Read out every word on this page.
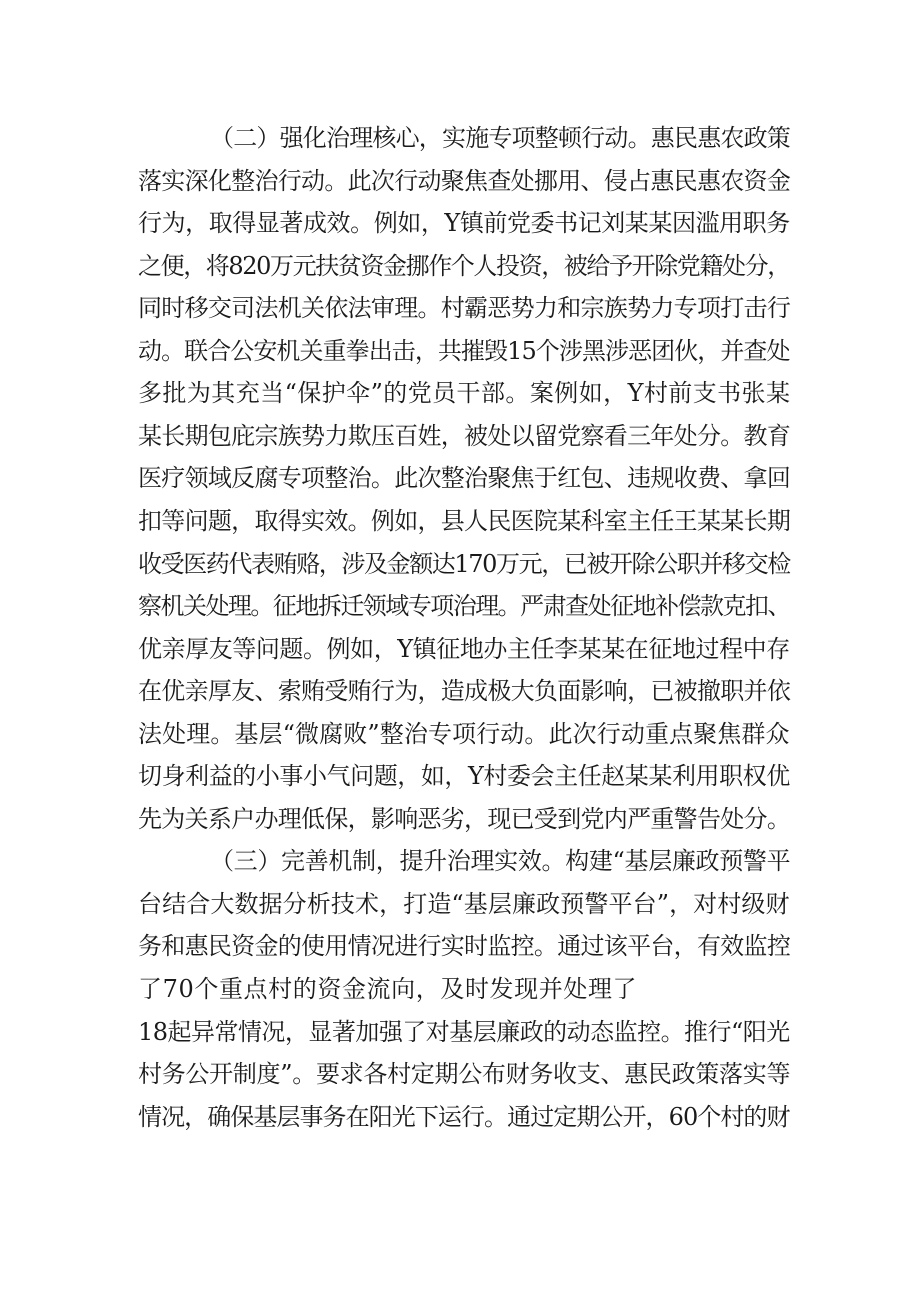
（二）强化治理核心，实施专项整顿行动。惠民惠农政策
落实深化整治行动。此次行动聚焦查处挪用、侵占惠民惠农资金
行为，取得显著成效。例如，Y镇前党委书记刘某某因滥用职务
之便，将820万元扶贫资金挪作个人投资，被给予开除党籍处分，
同时移交司法机关依法审理。村霸恶势力和宗族势力专项打击行
动。联合公安机关重拳出击，共摧毁15个涉黑涉恶团伙，并查处
多批为其充当“保护伞”的党员干部。案例如，Y村前支书张某
某长期包庇宗族势力欺压百姓，被处以留党察看三年处分。教育
医疗领域反腐专项整治。此次整治聚焦于红包、违规收费、拿回
扣等问题，取得实效。例如，县人民医院某科室主任王某某长期
收受医药代表贿赂，涉及金额达170万元，已被开除公职并移交检
察机关处理。征地拆迁领域专项治理。严肃查处征地补偿款克扣、
优亲厚友等问题。例如，Y镇征地办主任李某某在征地过程中存
在优亲厚友、索贿受贿行为，造成极大负面影响，已被撤职并依
法处理。基层“微腐败”整治专项行动。此次行动重点聚焦群众
切身利益的小事小气问题，如，Y村委会主任赵某某利用职权优
先为关系户办理低保，影响恶劣，现已受到党内严重警告处分。
（三）完善机制，提升治理实效。构建“基层廉政预警平
台结合大数据分析技术，打造“基层廉政预警平台”，对村级财
务和惠民资金的使用情况进行实时监控。通过该平台，有效监控
了70个重点村的资金流向，及时发现并处理了
18起异常情况，显著加强了对基层廉政的动态监控。推行“阳光
村务公开制度”。要求各村定期公布财务收支、惠民政策落实等
情况，确保基层事务在阳光下运行。通过定期公开，60个村的财
